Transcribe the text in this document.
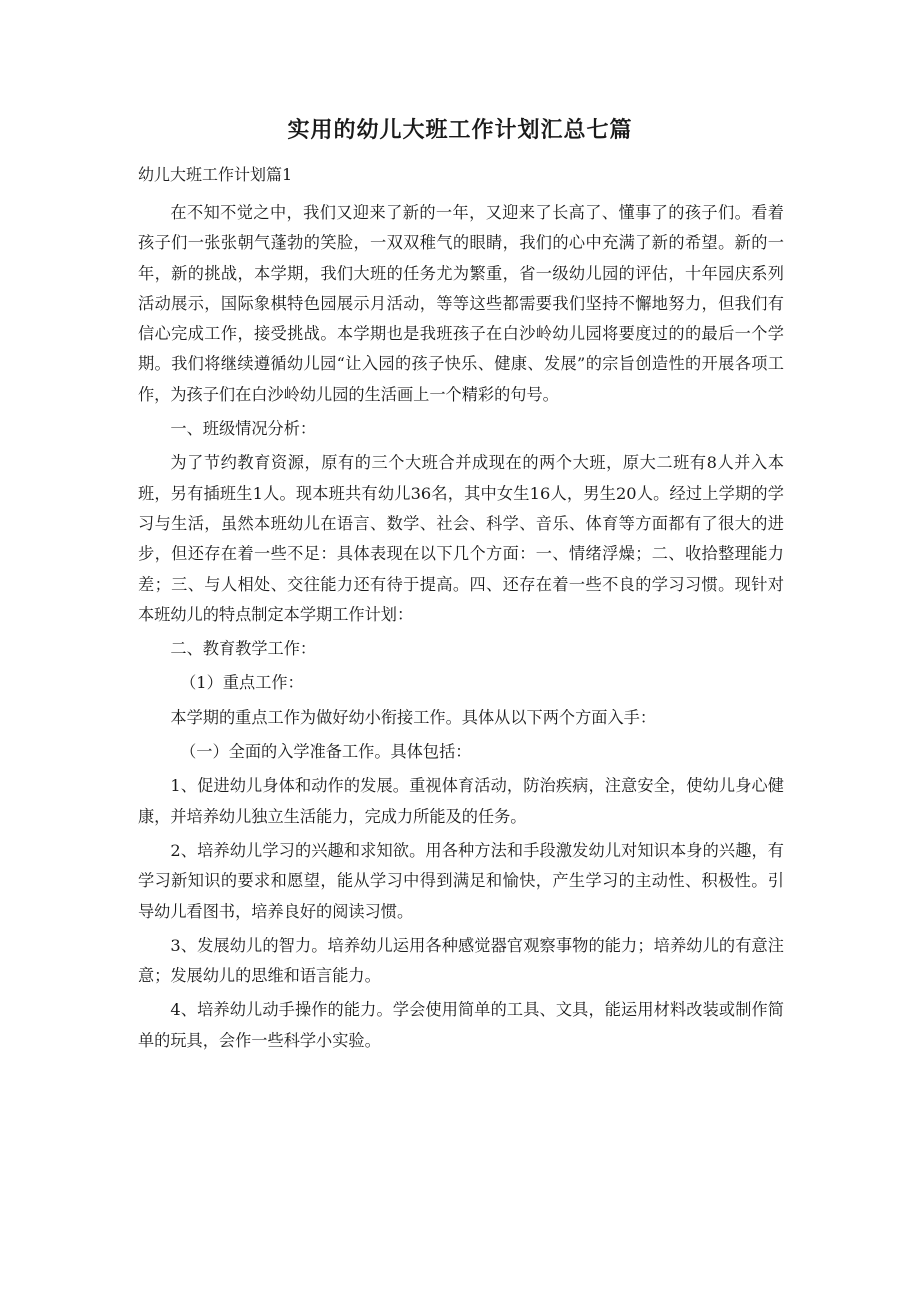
实用的幼儿大班工作计划汇总七篇

幼儿大班工作计划篇1

在不知不觉之中，我们又迎来了新的一年，又迎来了长高了、懂事了的孩子们。看着孩子们一张张朝气蓬勃的笑脸，一双双稚气的眼睛，我们的心中充满了新的希望。新的一年，新的挑战，本学期，我们大班的任务尤为繁重，省一级幼儿园的评估，十年园庆系列活动展示，国际象棋特色园展示月活动，等等这些都需要我们坚持不懈地努力，但我们有信心完成工作，接受挑战。本学期也是我班孩子在白沙岭幼儿园将要度过的的最后一个学期。我们将继续遵循幼儿园“让入园的孩子快乐、健康、发展”的宗旨创造性的开展各项工作，为孩子们在白沙岭幼儿园的生活画上一个精彩的句号。

一、班级情况分析：

为了节约教育资源，原有的三个大班合并成现在的两个大班，原大二班有8人并入本班，另有插班生1人。现本班共有幼儿36名，其中女生16人，男生20人。经过上学期的学习与生活，虽然本班幼儿在语言、数学、社会、科学、音乐、体育等方面都有了很大的进步，但还存在着一些不足：具体表现在以下几个方面：一、情绪浮燥；二、收拾整理能力差；三、与人相处、交往能力还有待于提高。四、还存在着一些不良的学习习惯。现针对本班幼儿的特点制定本学期工作计划：

二、教育教学工作：

（1）重点工作：

本学期的重点工作为做好幼小衔接工作。具体从以下两个方面入手：

（一）全面的入学准备工作。具体包括：

1、促进幼儿身体和动作的发展。重视体育活动，防治疾病，注意安全，使幼儿身心健康，并培养幼儿独立生活能力，完成力所能及的任务。

2、培养幼儿学习的兴趣和求知欲。用各种方法和手段激发幼儿对知识本身的兴趣，有学习新知识的要求和愿望，能从学习中得到满足和愉快，产生学习的主动性、积极性。引导幼儿看图书，培养良好的阅读习惯。

3、发展幼儿的智力。培养幼儿运用各种感觉器官观察事物的能力；培养幼儿的有意注意；发展幼儿的思维和语言能力。

4、培养幼儿动手操作的能力。学会使用简单的工具、文具，能运用材料改装或制作简单的玩具，会作一些科学小实验。
